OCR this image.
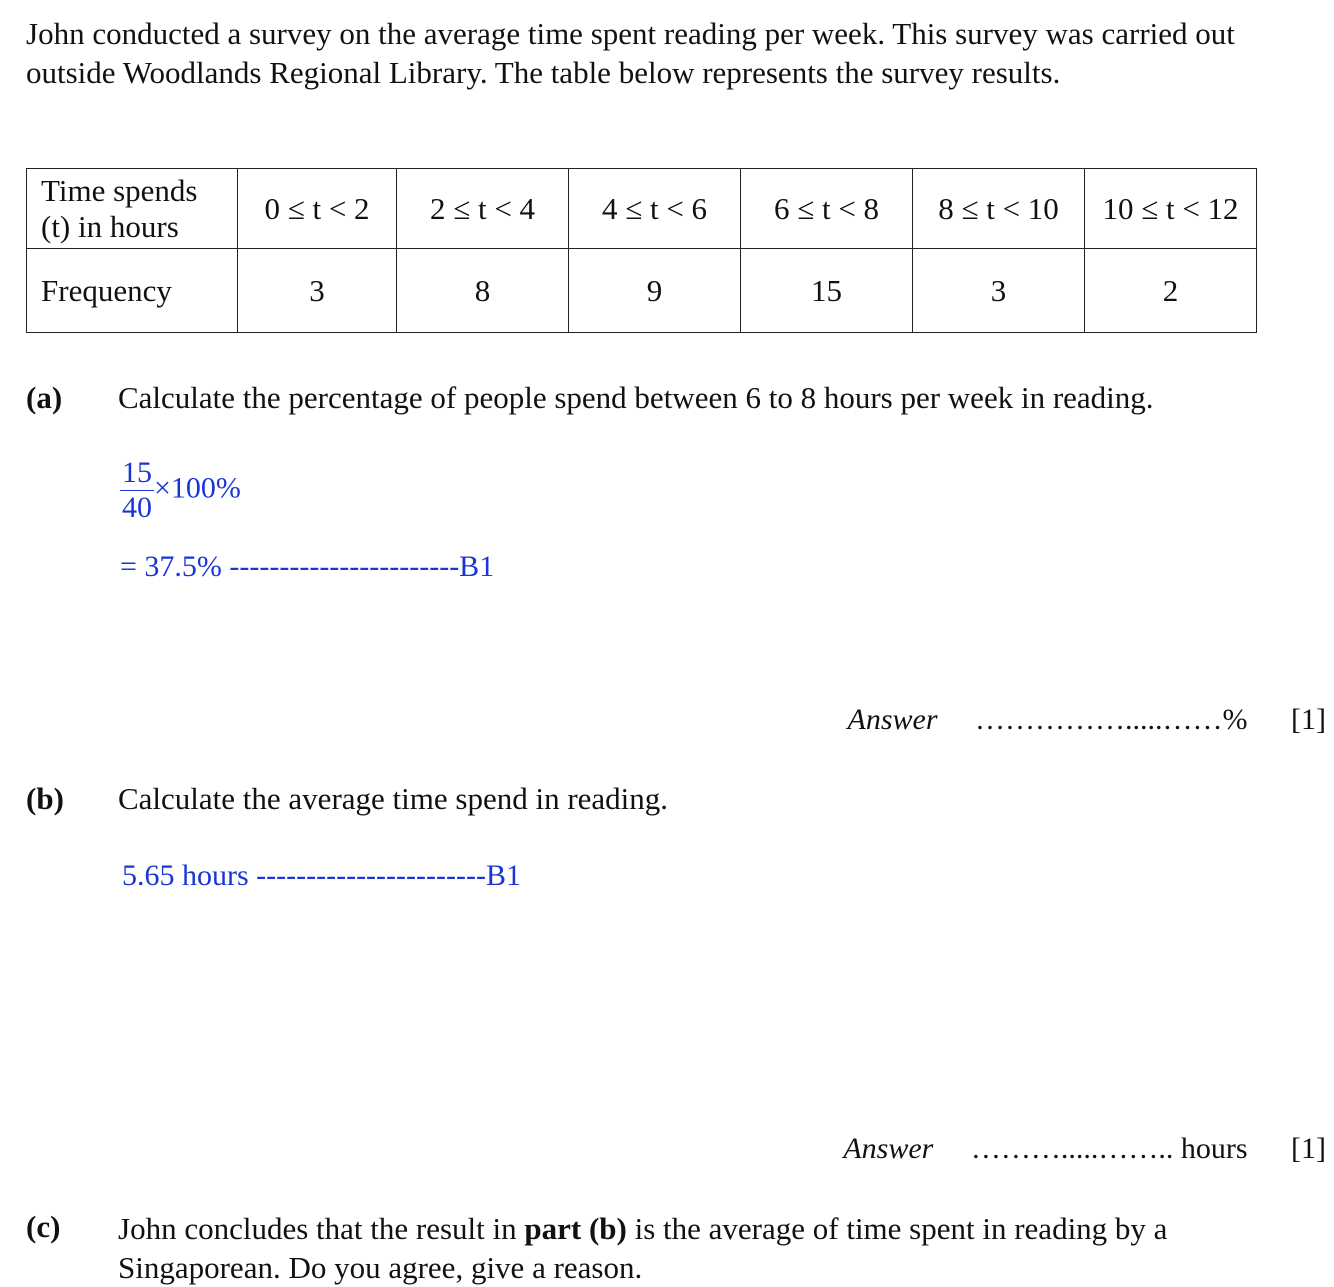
John conducted a survey on the average time spent reading per week. This survey was carried out outside Woodlands Regional Library. The table below represents the survey results.
Time spends
(t) in hours	0 ≤ t < 2	2 ≤ t < 4	4 ≤ t < 6	6 ≤ t < 8	8 ≤ t < 10	10 ≤ t < 12
Frequency	3	8	9	15	3	2
(a) Calculate the percentage of people spend between 6 to 8 hours per week in reading.
$\frac{15}{40} \times 100\%$
= 37.5% -----------------------B1
Answer …………….....……% [1]
(b) Calculate the average time spend in reading.
5.65 hours -----------------------B1
Answer ……….....…….. hours [1]
(c) John concludes that the result in part (b) is the average of time spent in reading by a Singaporean. Do you agree, give a reason.
